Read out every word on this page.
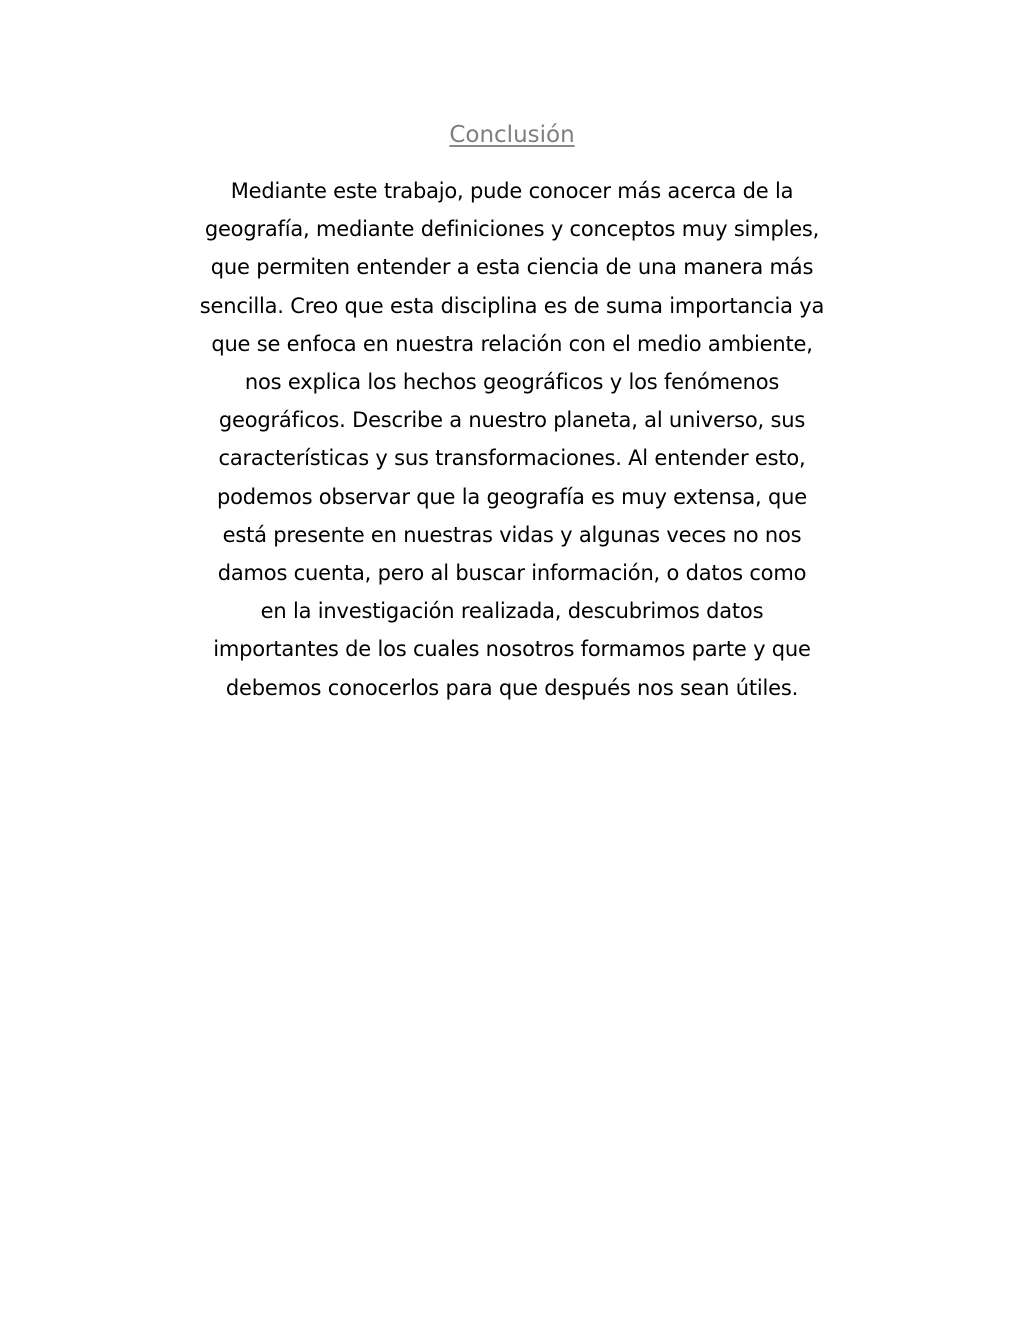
Conclusión

Mediante este trabajo, pude conocer más acerca de la
geografía, mediante definiciones y conceptos muy simples,
que permiten entender a esta ciencia de una manera más
sencilla. Creo que esta disciplina es de suma importancia ya
que se enfoca en nuestra relación con el medio ambiente,
nos explica los hechos geográficos y los fenómenos
geográficos. Describe a nuestro planeta, al universo, sus
características y sus transformaciones. Al entender esto,
podemos observar que la geografía es muy extensa, que
está presente en nuestras vidas y algunas veces no nos
damos cuenta, pero al buscar información, o datos como
en la investigación realizada, descubrimos datos
importantes de los cuales nosotros formamos parte y que
debemos conocerlos para que después nos sean útiles.
